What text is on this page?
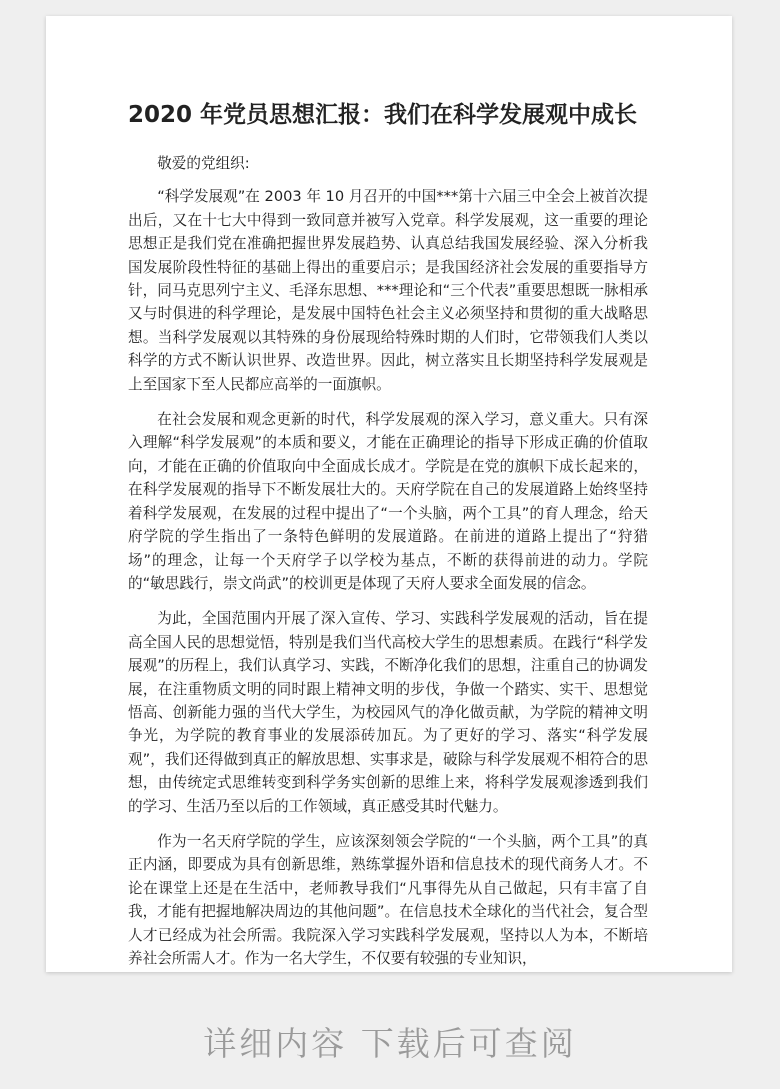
2020 年党员思想汇报：我们在科学发展观中成长

敬爱的党组织:

“科学发展观”在 2003 年 10 月召开的中国***第十六届三中全会上被首次提出后，又在十七大中得到一致同意并被写入党章。科学发展观，这一重要的理论思想正是我们党在准确把握世界发展趋势、认真总结我国发展经验、深入分析我国发展阶段性特征的基础上得出的重要启示；是我国经济社会发展的重要指导方针，同马克思列宁主义、毛泽东思想、***理论和“三个代表”重要思想既一脉相承又与时俱进的科学理论，是发展中国特色社会主义必须坚持和贯彻的重大战略思想。当科学发展观以其特殊的身份展现给特殊时期的人们时，它带领我们人类以科学的方式不断认识世界、改造世界。因此，树立落实且长期坚持科学发展观是上至国家下至人民都应高举的一面旗帜。

在社会发展和观念更新的时代，科学发展观的深入学习，意义重大。只有深入理解“科学发展观”的本质和要义，才能在正确理论的指导下形成正确的价值取向，才能在正确的价值取向中全面成长成才。学院是在党的旗帜下成长起来的，在科学发展观的指导下不断发展壮大的。天府学院在自己的发展道路上始终坚持着科学发展观，在发展的过程中提出了“一个头脑，两个工具”的育人理念，给天府学院的学生指出了一条特色鲜明的发展道路。在前进的道路上提出了“狩猎场”的理念，让每一个天府学子以学校为基点，不断的获得前进的动力。学院的“敏思践行，崇文尚武”的校训更是体现了天府人要求全面发展的信念。

为此，全国范围内开展了深入宣传、学习、实践科学发展观的活动，旨在提高全国人民的思想觉悟，特别是我们当代高校大学生的思想素质。在践行“科学发展观”的历程上，我们认真学习、实践，不断净化我们的思想，注重自己的协调发展，在注重物质文明的同时跟上精神文明的步伐，争做一个踏实、实干、思想觉悟高、创新能力强的当代大学生，为校园风气的净化做贡献，为学院的精神文明争光，为学院的教育事业的发展添砖加瓦。为了更好的学习、落实“科学发展观”，我们还得做到真正的解放思想、实事求是，破除与科学发展观不相符合的思想，由传统定式思维转变到科学务实创新的思维上来，将科学发展观渗透到我们的学习、生活乃至以后的工作领域，真正感受其时代魅力。

作为一名天府学院的学生，应该深刻领会学院的“一个头脑，两个工具”的真正内涵，即要成为具有创新思维，熟练掌握外语和信息技术的现代商务人才。不论在课堂上还是在生活中，老师教导我们“凡事得先从自己做起，只有丰富了自我，才能有把握地解决周边的其他问题”。在信息技术全球化的当代社会，复合型人才已经成为社会所需。我院深入学习实践科学发展观，坚持以人为本，不断培养社会所需人才。作为一名大学生，不仅要有较强的专业知识，

详细内容 下载后可查阅
